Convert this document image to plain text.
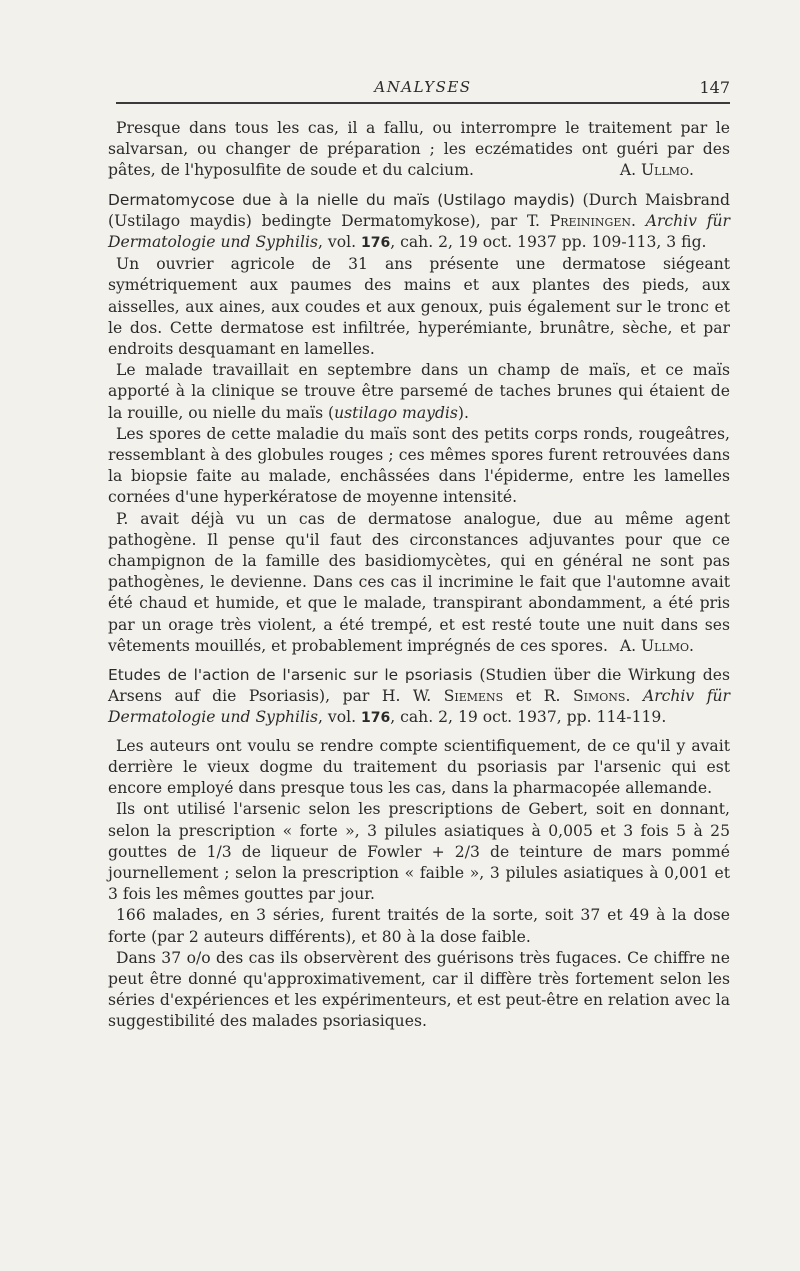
ANALYSES	147

Presque dans tous les cas, il a fallu, ou interrompre le traitement par le salvarsan, ou changer de préparation ; les eczématides ont guéri par des pâtes, de l'hyposulfite de soude et du calcium.	A. Ullmo.

Dermatomycose due à la nielle du maïs (Ustilago maydis) (Durch Maisbrand (Ustilago maydis) bedingte Dermatomykose), par T. Preiningen. Archiv für Dermatologie und Syphilis, vol. 176, cah. 2, 19 oct. 1937 pp. 109-113, 3 fig.

Un ouvrier agricole de 31 ans présente une dermatose siégeant symétriquement aux paumes des mains et aux plantes des pieds, aux aisselles, aux aines, aux coudes et aux genoux, puis également sur le tronc et le dos. Cette dermatose est infiltrée, hyperémiante, brunâtre, sèche, et par endroits desquamant en lamelles.

Le malade travaillait en septembre dans un champ de maïs, et ce maïs apporté à la clinique se trouve être parsemé de taches brunes qui étaient de la rouille, ou nielle du maïs (ustilago maydis).

Les spores de cette maladie du maïs sont des petits corps ronds, rougeâtres, ressemblant à des globules rouges ; ces mêmes spores furent retrouvées dans la biopsie faite au malade, enchâssées dans l'épiderme, entre les lamelles cornées d'une hyperkératose de moyenne intensité.

P. avait déjà vu un cas de dermatose analogue, due au même agent pathogène. Il pense qu'il faut des circonstances adjuvantes pour que ce champignon de la famille des basidiomycètes, qui en général ne sont pas pathogènes, le devienne. Dans ces cas il incrimine le fait que l'automne avait été chaud et humide, et que le malade, transpirant abondamment, a été pris par un orage très violent, a été trempé, et est resté toute une nuit dans ses vêtements mouillés, et probablement imprégnés de ces spores. A. Ullmo.

Etudes de l'action de l'arsenic sur le psoriasis (Studien über die Wirkung des Arsens auf die Psoriasis), par H. W. Siemens et R. Simons. Archiv für Dermatologie und Syphilis, vol. 176, cah. 2, 19 oct. 1937, pp. 114-119.

Les auteurs ont voulu se rendre compte scientifiquement, de ce qu'il y avait derrière le vieux dogme du traitement du psoriasis par l'arsenic qui est encore employé dans presque tous les cas, dans la pharmacopée allemande.

Ils ont utilisé l'arsenic selon les prescriptions de Gebert, soit en donnant, selon la prescription « forte », 3 pilules asiatiques à 0,005 et 3 fois 5 à 25 gouttes de 1/3 de liqueur de Fowler + 2/3 de teinture de mars pommé journellement ; selon la prescription « faible », 3 pilules asiatiques à 0,001 et 3 fois les mêmes gouttes par jour.

166 malades, en 3 séries, furent traités de la sorte, soit 37 et 49 à la dose forte (par 2 auteurs différents), et 80 à la dose faible.

Dans 37 o/o des cas ils observèrent des guérisons très fugaces. Ce chiffre ne peut être donné qu'approximativement, car il diffère très fortement selon les séries d'expériences et les expérimenteurs, et est peut-être en relation avec la suggestibilité des malades psoriasiques.
